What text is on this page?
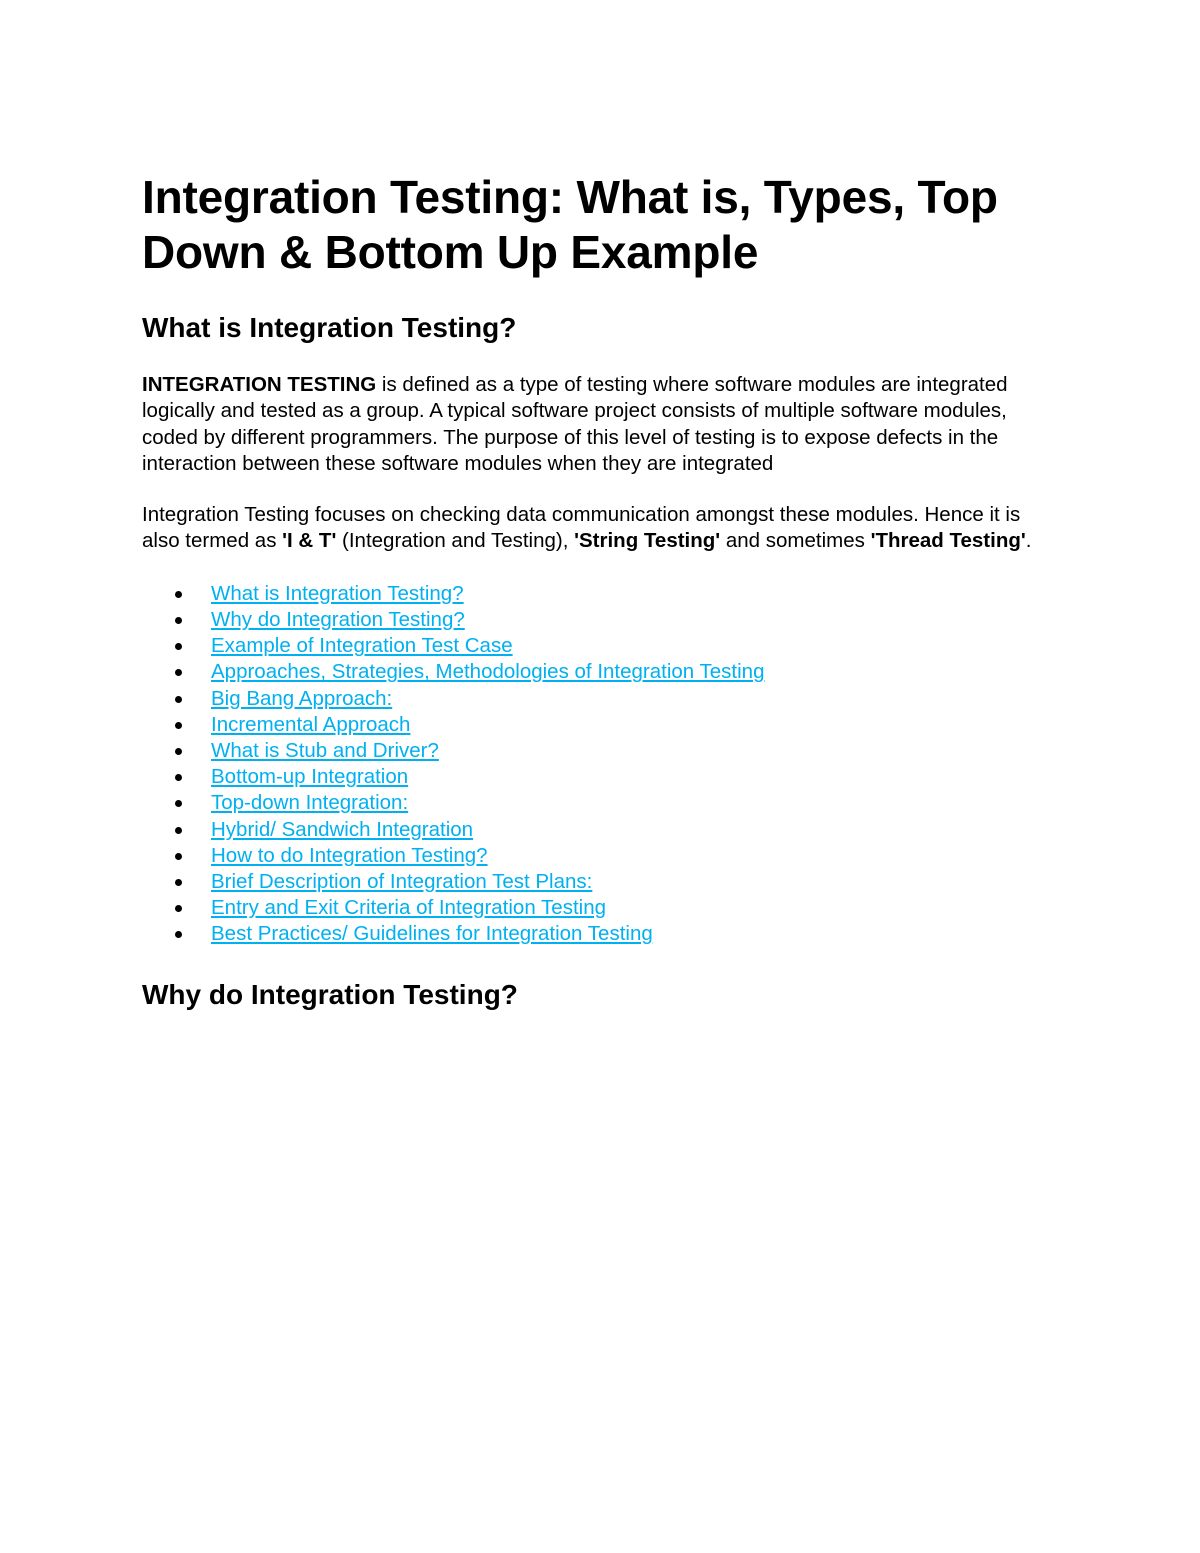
Integration Testing: What is, Types, Top Down & Bottom Up Example
What is Integration Testing?

INTEGRATION TESTING is defined as a type of testing where software modules are integrated logically and tested as a group. A typical software project consists of multiple software modules, coded by different programmers. The purpose of this level of testing is to expose defects in the interaction between these software modules when they are integrated

Integration Testing focuses on checking data communication amongst these modules. Hence it is also termed as 'I & T' (Integration and Testing), 'String Testing' and sometimes 'Thread Testing'.

What is Integration Testing?
Why do Integration Testing?
Example of Integration Test Case
Approaches, Strategies, Methodologies of Integration Testing
Big Bang Approach:
Incremental Approach
What is Stub and Driver?
Bottom-up Integration
Top-down Integration:
Hybrid/ Sandwich Integration
How to do Integration Testing?
Brief Description of Integration Test Plans:
Entry and Exit Criteria of Integration Testing
Best Practices/ Guidelines for Integration Testing
Why do Integration Testing?
